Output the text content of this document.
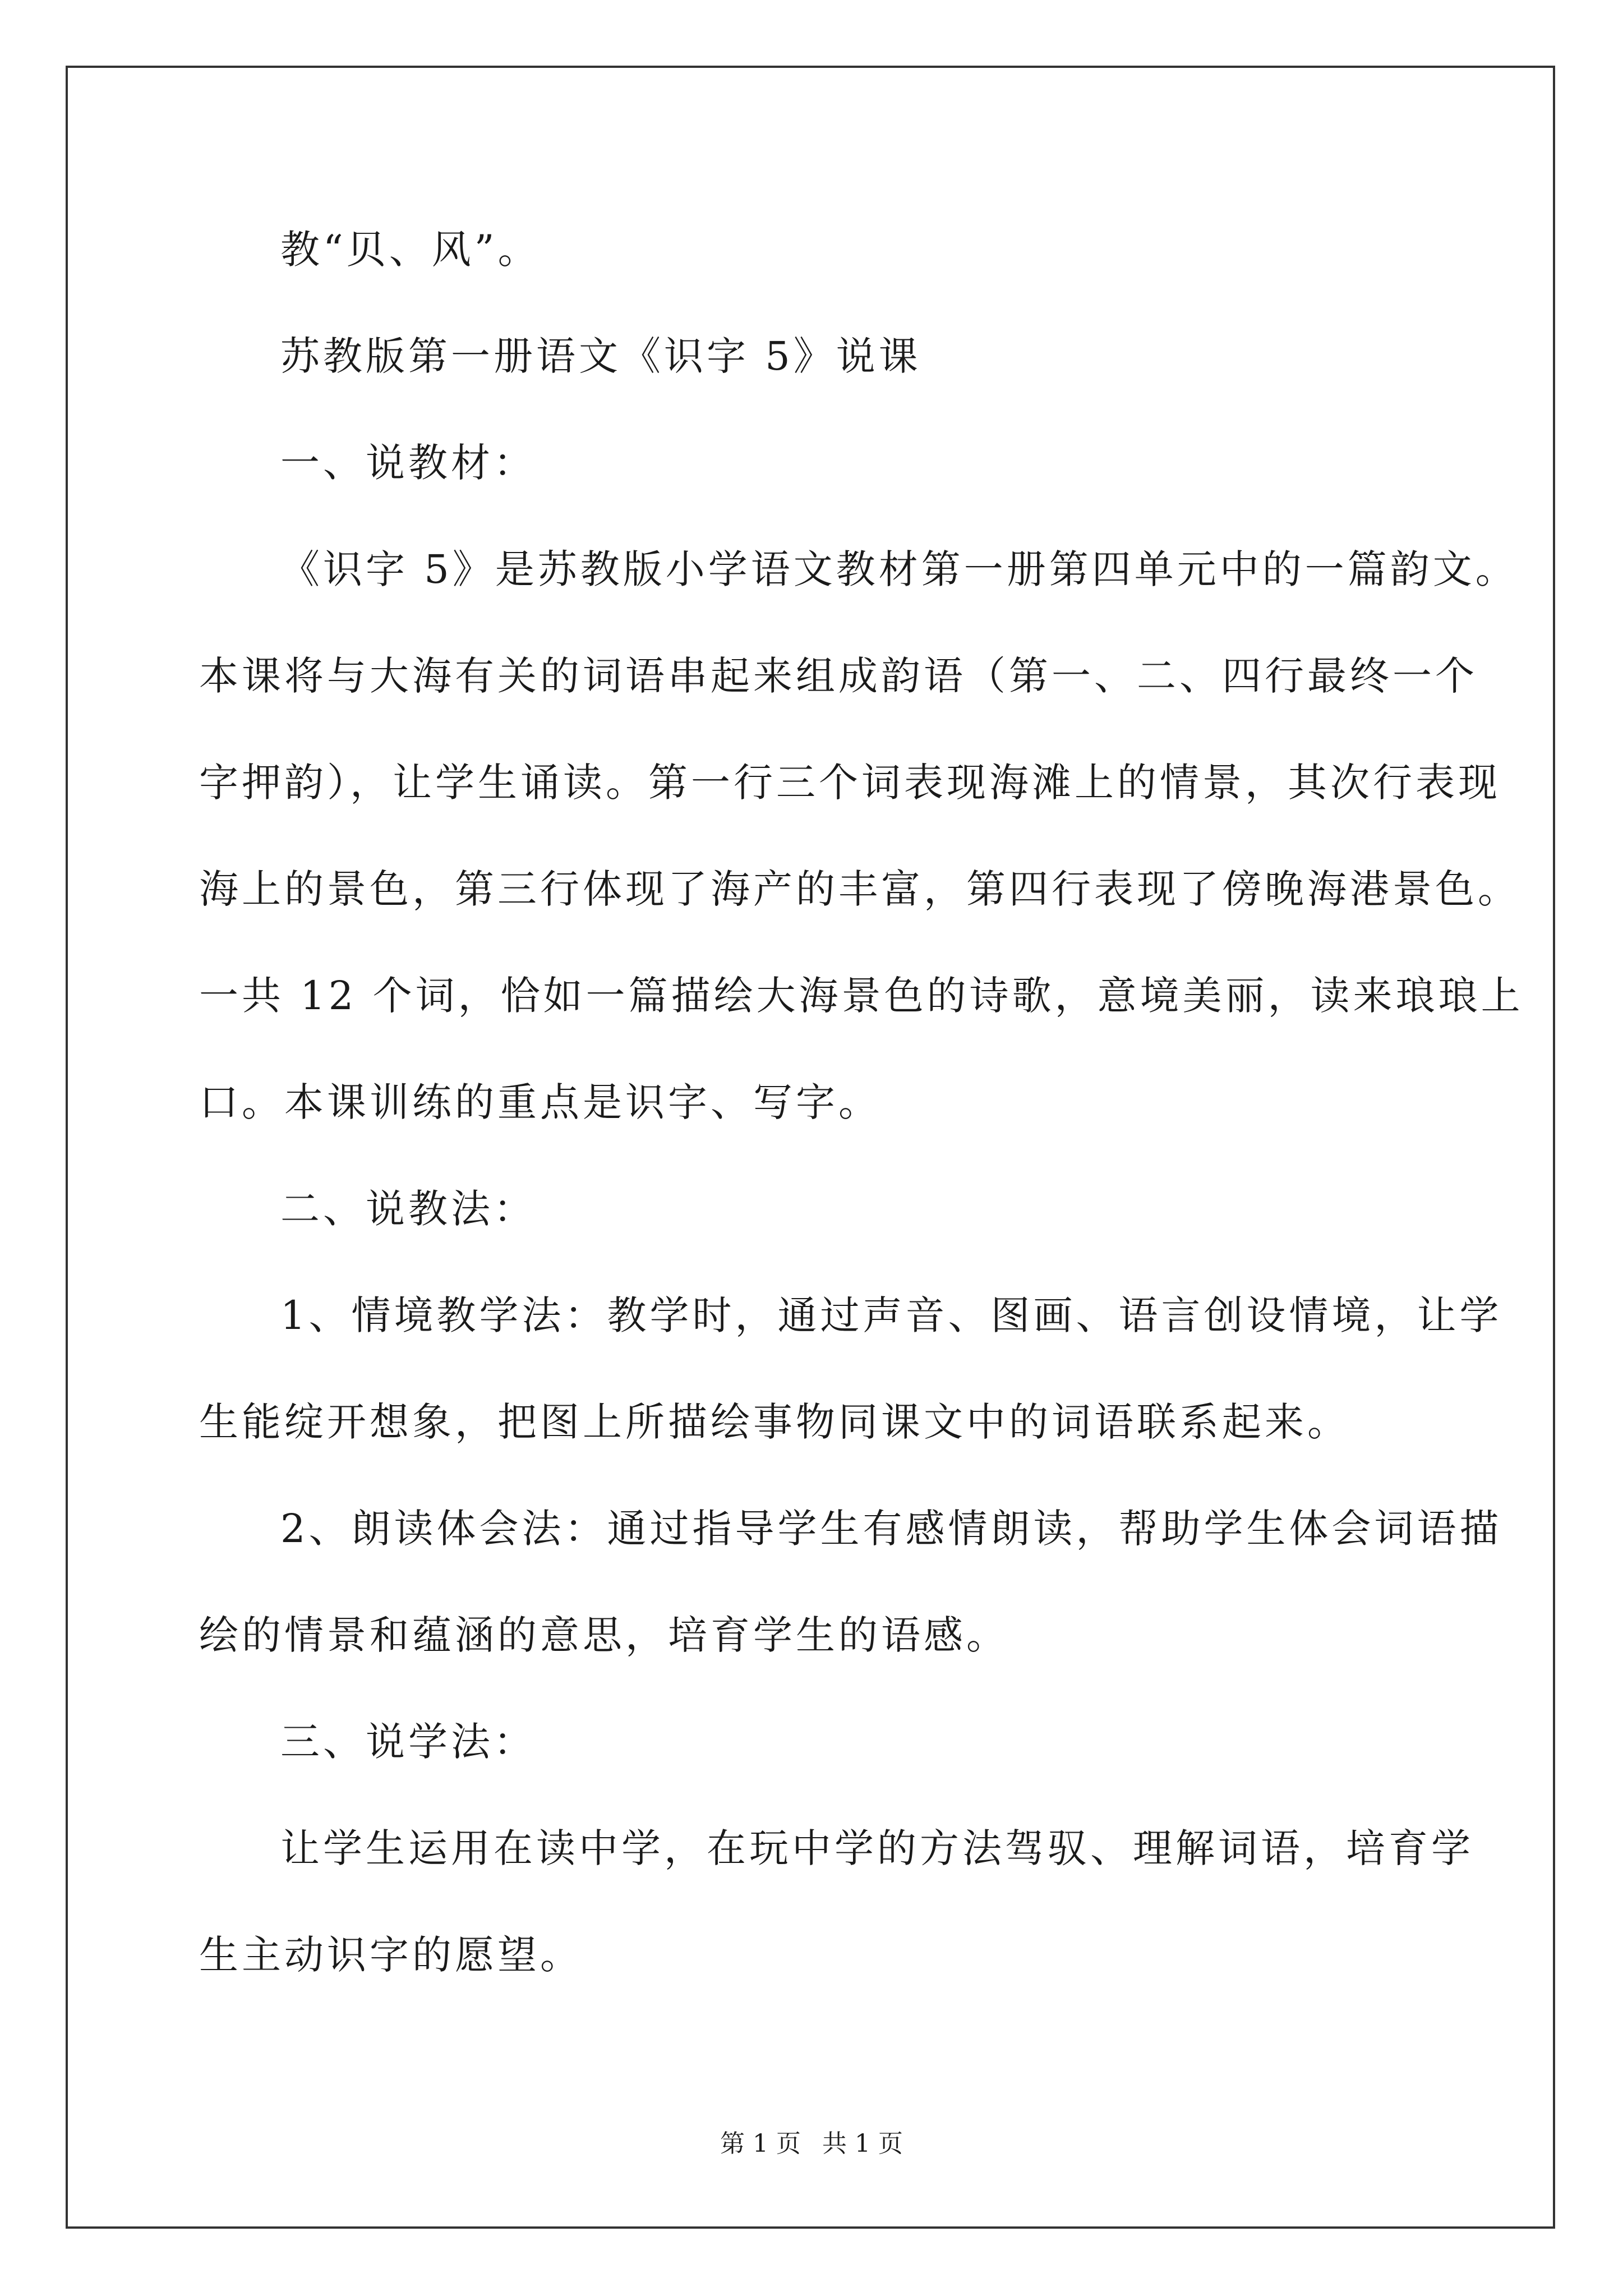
教“贝、风”。
苏教版第一册语文《识字 5》说课
一、说教材：
《识字 5》是苏教版小学语文教材第一册第四单元中的一篇韵文。
本课将与大海有关的词语串起来组成韵语（第一、二、四行最终一个
字押韵），让学生诵读。第一行三个词表现海滩上的情景，其次行表现
海上的景色，第三行体现了海产的丰富，第四行表现了傍晚海港景色。
一共 12 个词，恰如一篇描绘大海景色的诗歌，意境美丽，读来琅琅上
口。本课训练的重点是识字、写字。
二、说教法：
1、情境教学法：教学时，通过声音、图画、语言创设情境，让学
生能绽开想象，把图上所描绘事物同课文中的词语联系起来。
2、朗读体会法：通过指导学生有感情朗读，帮助学生体会词语描
绘的情景和蕴涵的意思，培育学生的语感。
三、说学法：
让学生运用在读中学，在玩中学的方法驾驭、理解词语，培育学
生主动识字的愿望。
第 1 页 共 1 页
